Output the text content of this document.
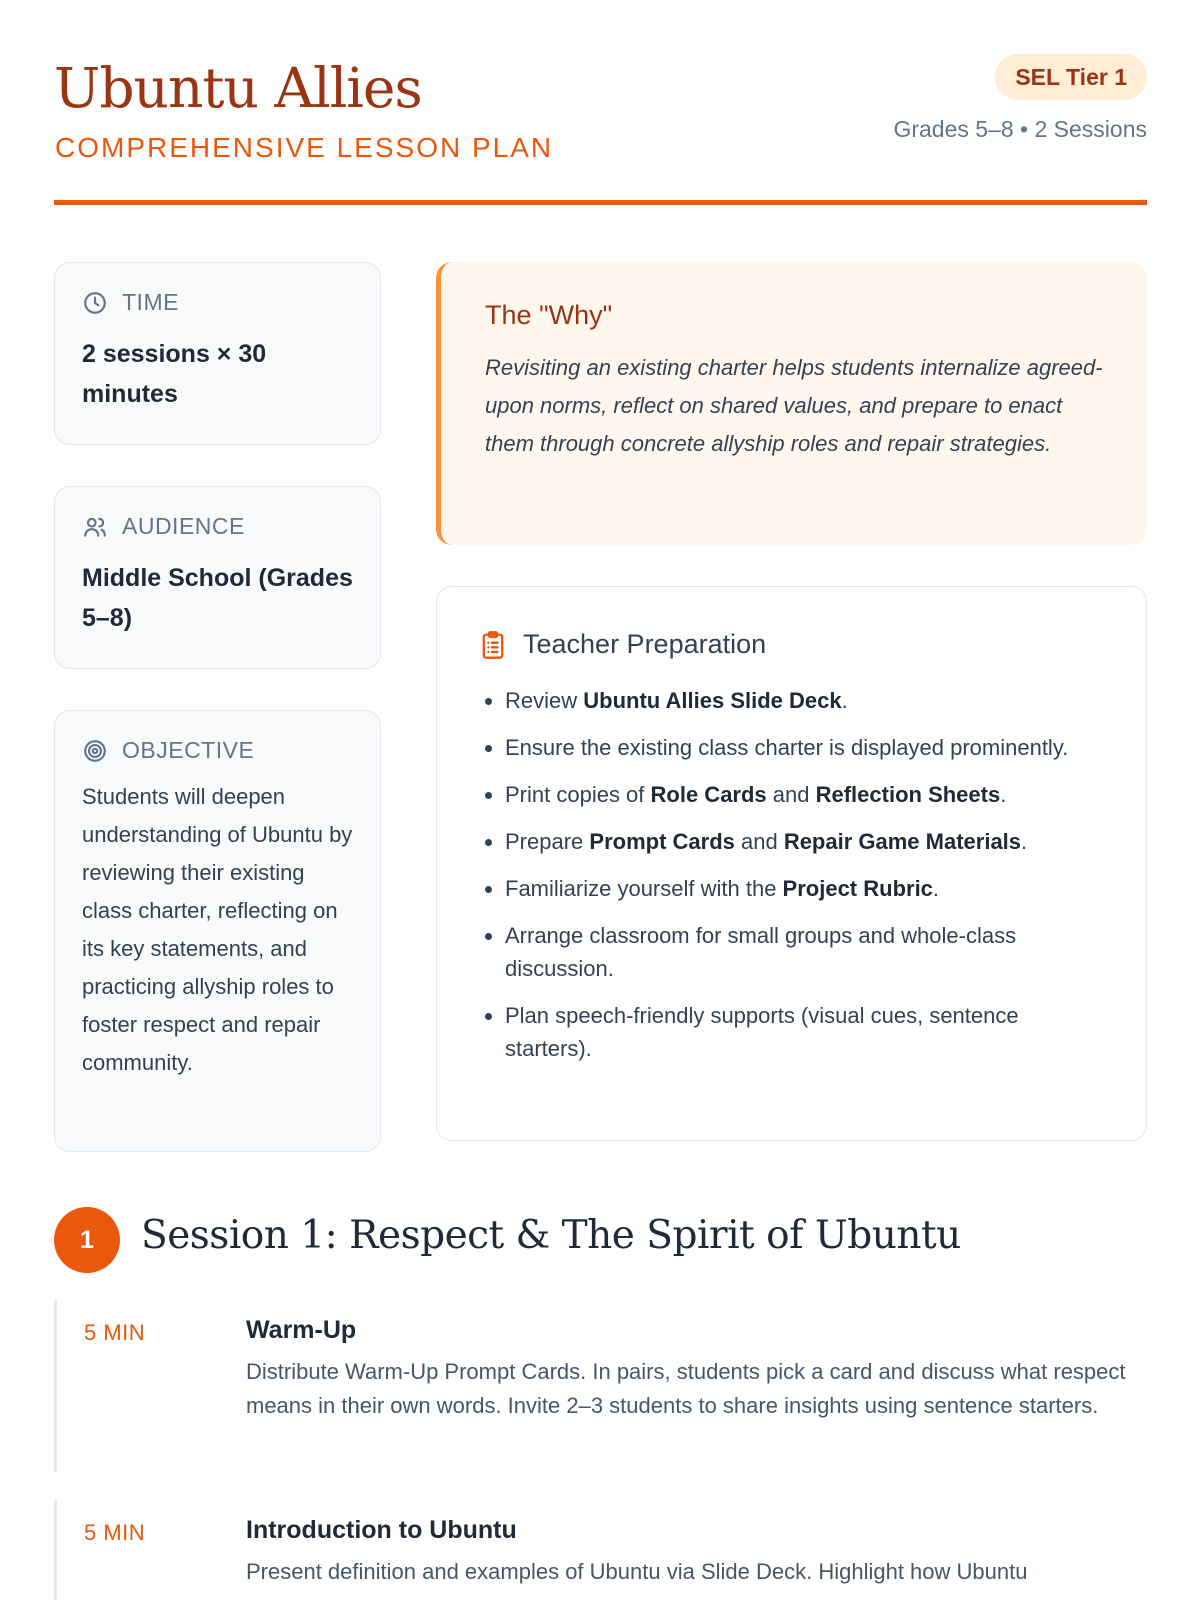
Ubuntu Allies
COMPREHENSIVE LESSON PLAN
SEL Tier 1
Grades 5–8 • 2 Sessions
TIME
2 sessions × 30 minutes
AUDIENCE
Middle School (Grades 5–8)
OBJECTIVE
Students will deepen understanding of Ubuntu by reviewing their existing class charter, reflecting on its key statements, and practicing allyship roles to foster respect and repair community.
The "Why"
Revisiting an existing charter helps students internalize agreed-upon norms, reflect on shared values, and prepare to enact them through concrete allyship roles and repair strategies.
Teacher Preparation
• Review Ubuntu Allies Slide Deck.
• Ensure the existing class charter is displayed prominently.
• Print copies of Role Cards and Reflection Sheets.
• Prepare Prompt Cards and Repair Game Materials.
• Familiarize yourself with the Project Rubric.
• Arrange classroom for small groups and whole-class discussion.
• Plan speech-friendly supports (visual cues, sentence starters).
1	Session 1: Respect & The Spirit of Ubuntu
5 MIN	Warm-Up
Distribute Warm-Up Prompt Cards. In pairs, students pick a card and discuss what respect means in their own words. Invite 2–3 students to share insights using sentence starters.
5 MIN	Introduction to Ubuntu
Present definition and examples of Ubuntu via Slide Deck. Highlight how Ubuntu
